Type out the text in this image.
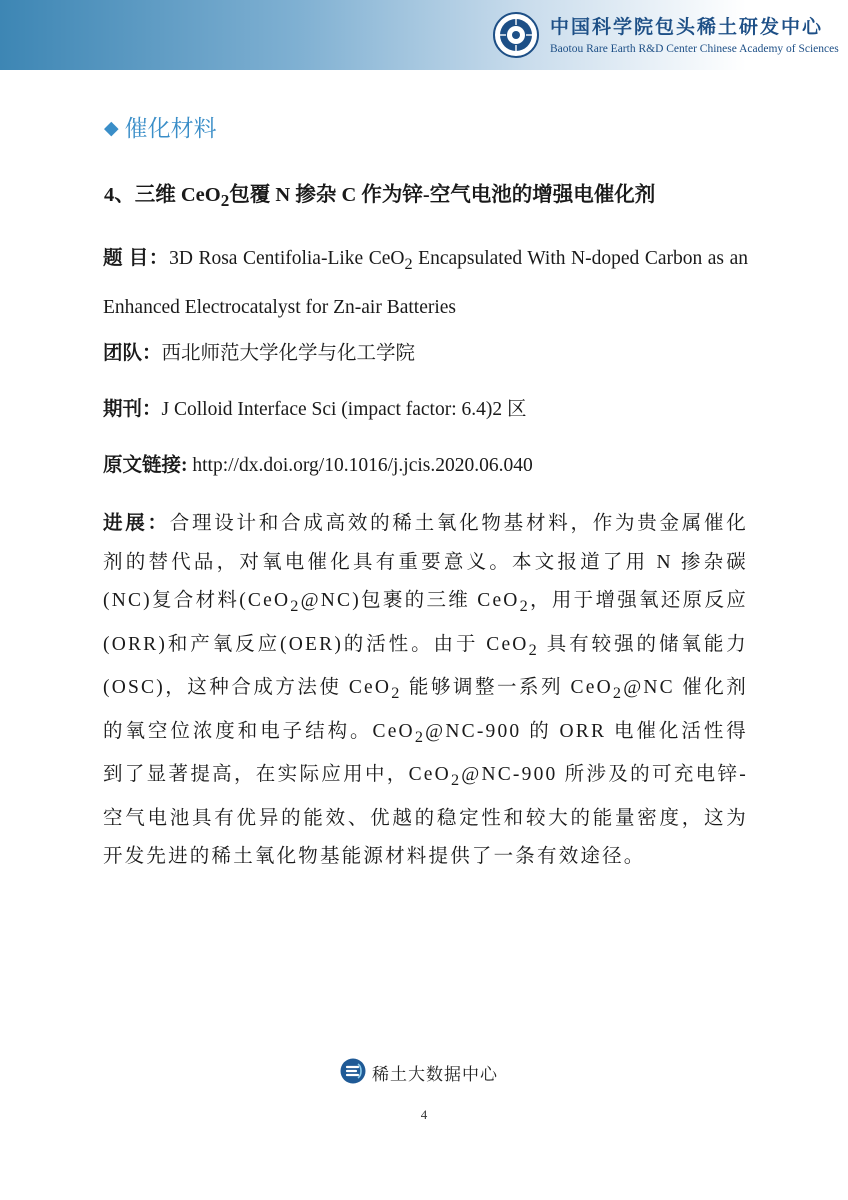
中国科学院包头稀土研发中心
Baotou Rare Earth R&D Center Chinese Academy of Sciences
◆ 催化材料
4、三维 CeO$_2$包覆 N 掺杂 C 作为锌-空气电池的增强电催化剂
题 目：3D Rosa Centifolia-Like CeO$_2$ Encapsulated With N-doped Carbon as an Enhanced Electrocatalyst for Zn-air Batteries
团队：西北师范大学化学与化工学院
期刊：J Colloid Interface Sci (impact factor: 6.4)2 区
原文链接: http://dx.doi.org/10.1016/j.jcis.2020.06.040
进展：合理设计和合成高效的稀土氧化物基材料，作为贵金属催化剂的替代品，对氧电催化具有重要意义。本文报道了用 N 掺杂碳(NC)复合材料(CeO$_2$@NC)包裹的三维 CeO$_2$，用于增强氧还原反应(ORR)和产氧反应(OER)的活性。由于 CeO$_2$ 具有较强的储氧能力(OSC)，这种合成方法使 CeO$_2$ 能够调整一系列 CeO$_2$@NC 催化剂的氧空位浓度和电子结构。CeO$_2$@NC-900 的 ORR 电催化活性得到了显著提高，在实际应用中，CeO$_2$@NC-900 所涉及的可充电锌-空气电池具有优异的能效、优越的稳定性和较大的能量密度，这为开发先进的稀土氧化物基能源材料提供了一条有效途径。
稀土大数据中心
4
